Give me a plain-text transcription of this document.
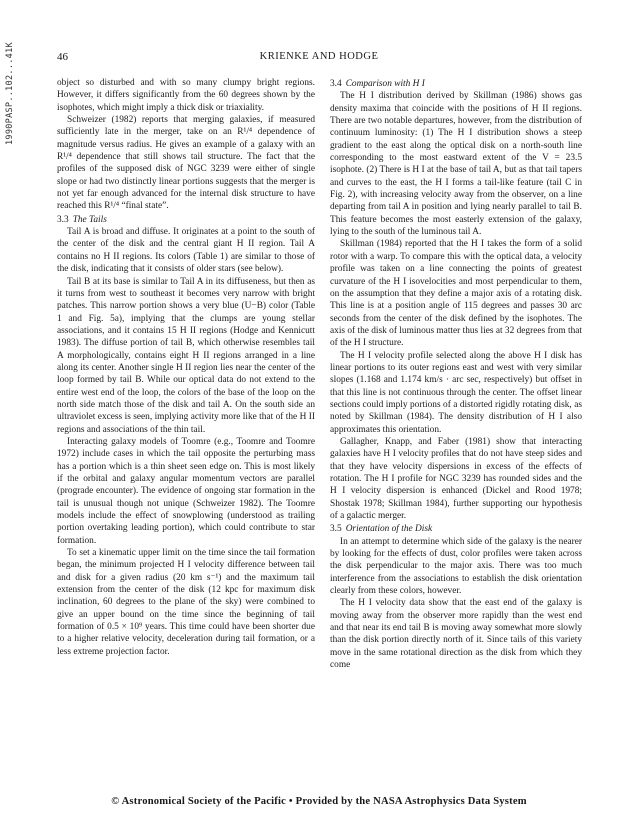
1990PASP..102...41K	46	KRIENKE AND HODGE

object so disturbed and with so many clumpy bright regions. However, it differs significantly from the 60 degrees shown by the isophotes, which might imply a thick disk or triaxiality.

Schweizer (1982) reports that merging galaxies, if measured sufficiently late in the merger, take on an R¹/⁴ dependence of magnitude versus radius. He gives an example of a galaxy with an R¹/⁴ dependence that still shows tail structure. The fact that the profiles of the supposed disk of NGC 3239 were either of single slope or had two distinctly linear portions suggests that the merger is not yet far enough advanced for the internal disk structure to have reached this R¹/⁴ “final state”.

3.3 The Tails

Tail A is broad and diffuse. It originates at a point to the south of the center of the disk and the central giant H II region. Tail A contains no H II regions. Its colors (Table 1) are similar to those of the disk, indicating that it consists of older stars (see below).

Tail B at its base is similar to Tail A in its diffuseness, but then as it turns from west to southeast it becomes very narrow with bright patches. This narrow portion shows a very blue (U−B) color (Table 1 and Fig. 5a), implying that the clumps are young stellar associations, and it contains 15 H II regions (Hodge and Kennicutt 1983). The diffuse portion of tail B, which otherwise resembles tail A morphologically, contains eight H II regions arranged in a line along its center. Another single H II region lies near the center of the loop formed by tail B. While our optical data do not extend to the entire west end of the loop, the colors of the base of the loop on the north side match those of the disk and tail A. On the south side an ultraviolet excess is seen, implying activity more like that of the H II regions and associations of the thin tail.

Interacting galaxy models of Toomre (e.g., Toomre and Toomre 1972) include cases in which the tail opposite the perturbing mass has a portion which is a thin sheet seen edge on. This is most likely if the orbital and galaxy angular momentum vectors are parallel (prograde encounter). The evidence of ongoing star formation in the tail is unusual though not unique (Schweizer 1982). The Toomre models include the effect of snowplowing (understood as trailing portion overtaking leading portion), which could contribute to star formation.

To set a kinematic upper limit on the time since the tail formation began, the minimum projected H I velocity difference between tail and disk for a given radius (20 km s⁻¹) and the maximum tail extension from the center of the disk (12 kpc for maximum disk inclination, 60 degrees to the plane of the sky) were combined to give an upper bound on the time since the beginning of tail formation of 0.5 × 10⁹ years. This time could have been shorter due to a higher relative velocity, deceleration during tail formation, or a less extreme projection factor.

3.4 Comparison with H I

The H I distribution derived by Skillman (1986) shows gas density maxima that coincide with the positions of H II regions. There are two notable departures, however, from the distribution of continuum luminosity: (1) The H I distribution shows a steep gradient to the east along the optical disk on a north-south line corresponding to the most eastward extent of the V = 23.5 isophote. (2) There is H I at the base of tail A, but as that tail tapers and curves to the east, the H I forms a tail-like feature (tail C in Fig. 2), with increasing velocity away from the observer, on a line departing from tail A in position and lying nearly parallel to tail B. This feature becomes the most easterly extension of the galaxy, lying to the south of the luminous tail A.

Skillman (1984) reported that the H I takes the form of a solid rotor with a warp. To compare this with the optical data, a velocity profile was taken on a line connecting the points of greatest curvature of the H I isovelocities and most perpendicular to them, on the assumption that they define a major axis of a rotating disk. This line is at a position angle of 115 degrees and passes 30 arc seconds from the center of the disk defined by the isophotes. The axis of the disk of luminous matter thus lies at 32 degrees from that of the H I structure.

The H I velocity profile selected along the above H I disk has linear portions to its outer regions east and west with very similar slopes (1.168 and 1.174 km/s · arc sec, respectively) but offset in that this line is not continuous through the center. The offset linear sections could imply portions of a distorted rigidly rotating disk, as noted by Skillman (1984). The density distribution of H I also approximates this orientation.

Gallagher, Knapp, and Faber (1981) show that interacting galaxies have H I velocity profiles that do not have steep sides and that they have velocity dispersions in excess of the effects of rotation. The H I profile for NGC 3239 has rounded sides and the H I velocity dispersion is enhanced (Dickel and Rood 1978; Shostak 1978; Skillman 1984), further supporting our hypothesis of a galactic merger.

3.5 Orientation of the Disk

In an attempt to determine which side of the galaxy is the nearer by looking for the effects of dust, color profiles were taken across the disk perpendicular to the major axis. There was too much interference from the associations to establish the disk orientation clearly from these colors, however.

The H I velocity data show that the east end of the galaxy is moving away from the observer more rapidly than the west end and that near its end tail B is moving away somewhat more slowly than the disk portion directly north of it. Since tails of this variety move in the same rotational direction as the disk from which they come

© Astronomical Society of the Pacific • Provided by the NASA Astrophysics Data System
